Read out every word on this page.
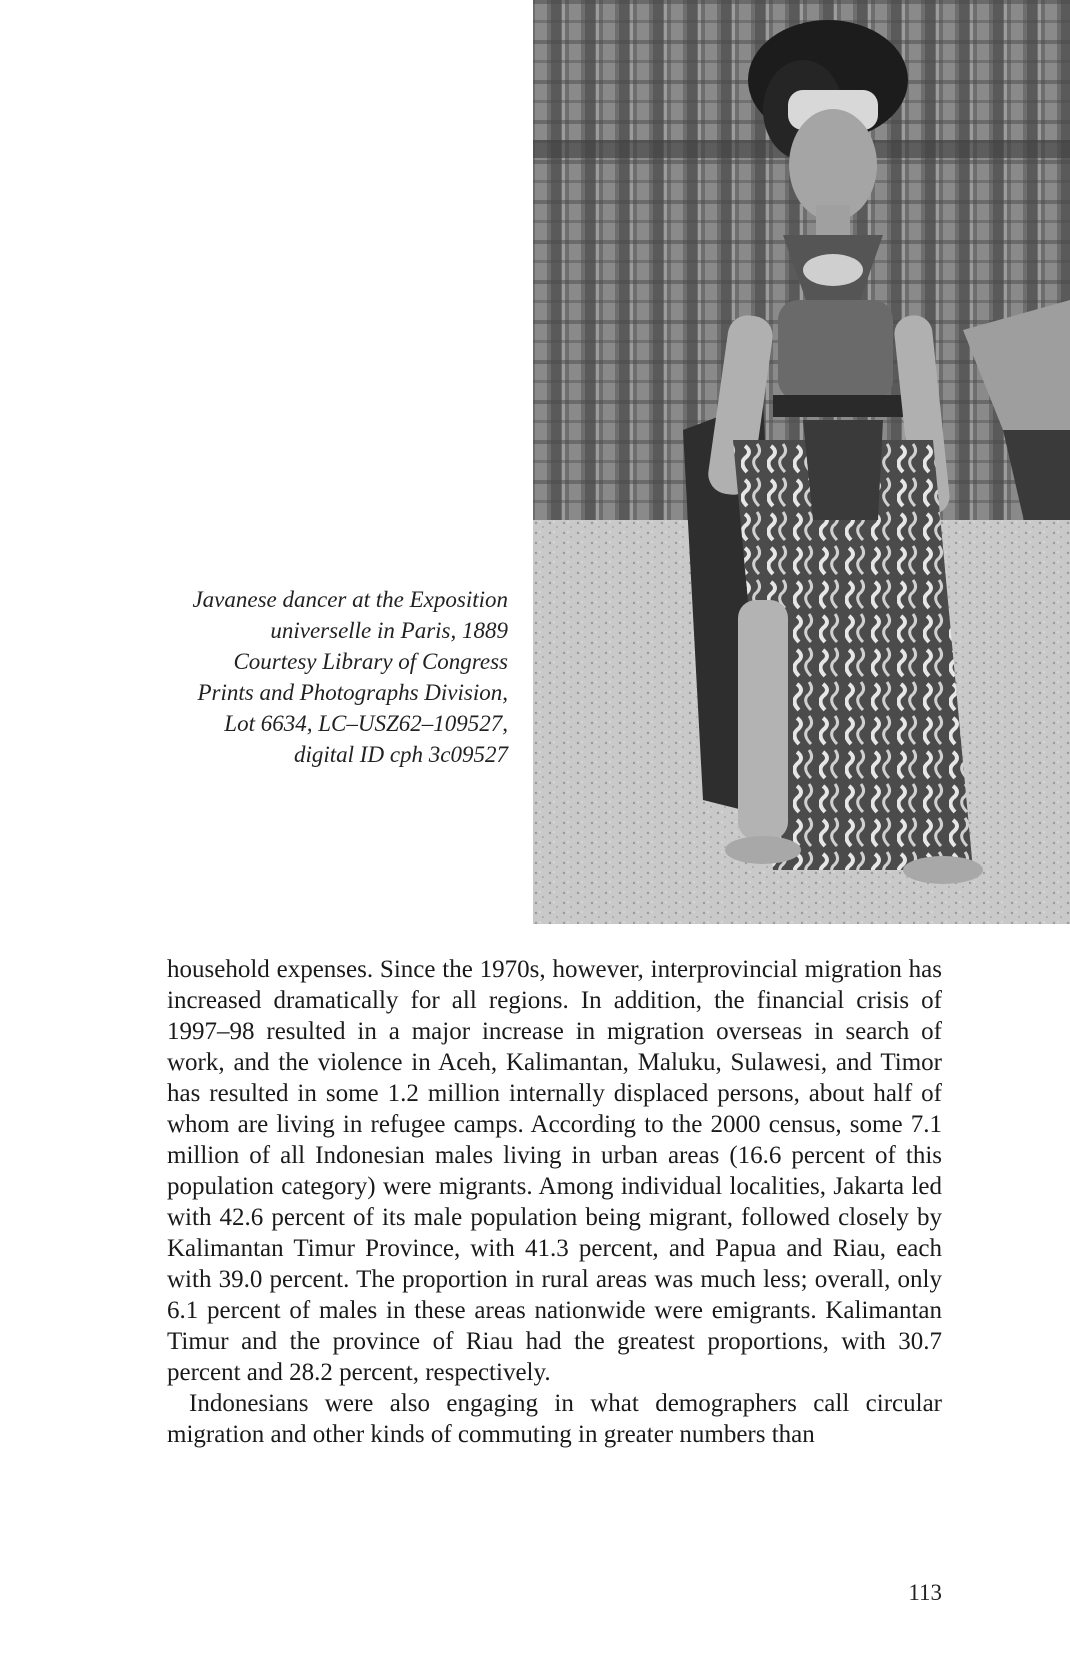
Javanese dancer at the Exposition
universelle in Paris, 1889
Courtesy Library of Congress
Prints and Photographs Division,
Lot 6634, LC–USZ62–109527,
digital ID cph 3c09527

household expenses. Since the 1970s, however, interprovincial migration has increased dramatically for all regions. In addition, the financial crisis of 1997–98 resulted in a major increase in migration overseas in search of work, and the violence in Aceh, Kalimantan, Maluku, Sulawesi, and Timor has resulted in some 1.2 million internally displaced persons, about half of whom are living in refugee camps. According to the 2000 census, some 7.1 million of all Indonesian males living in urban areas (16.6 percent of this population category) were migrants. Among individual localities, Jakarta led with 42.6 percent of its male population being migrant, followed closely by Kalimantan Timur Province, with 41.3 percent, and Papua and Riau, each with 39.0 percent. The proportion in rural areas was much less; overall, only 6.1 percent of males in these areas nationwide were emigrants. Kalimantan Timur and the province of Riau had the greatest proportions, with 30.7 percent and 28.2 percent, respectively.

Indonesians were also engaging in what demographers call circular migration and other kinds of commuting in greater numbers than

113
